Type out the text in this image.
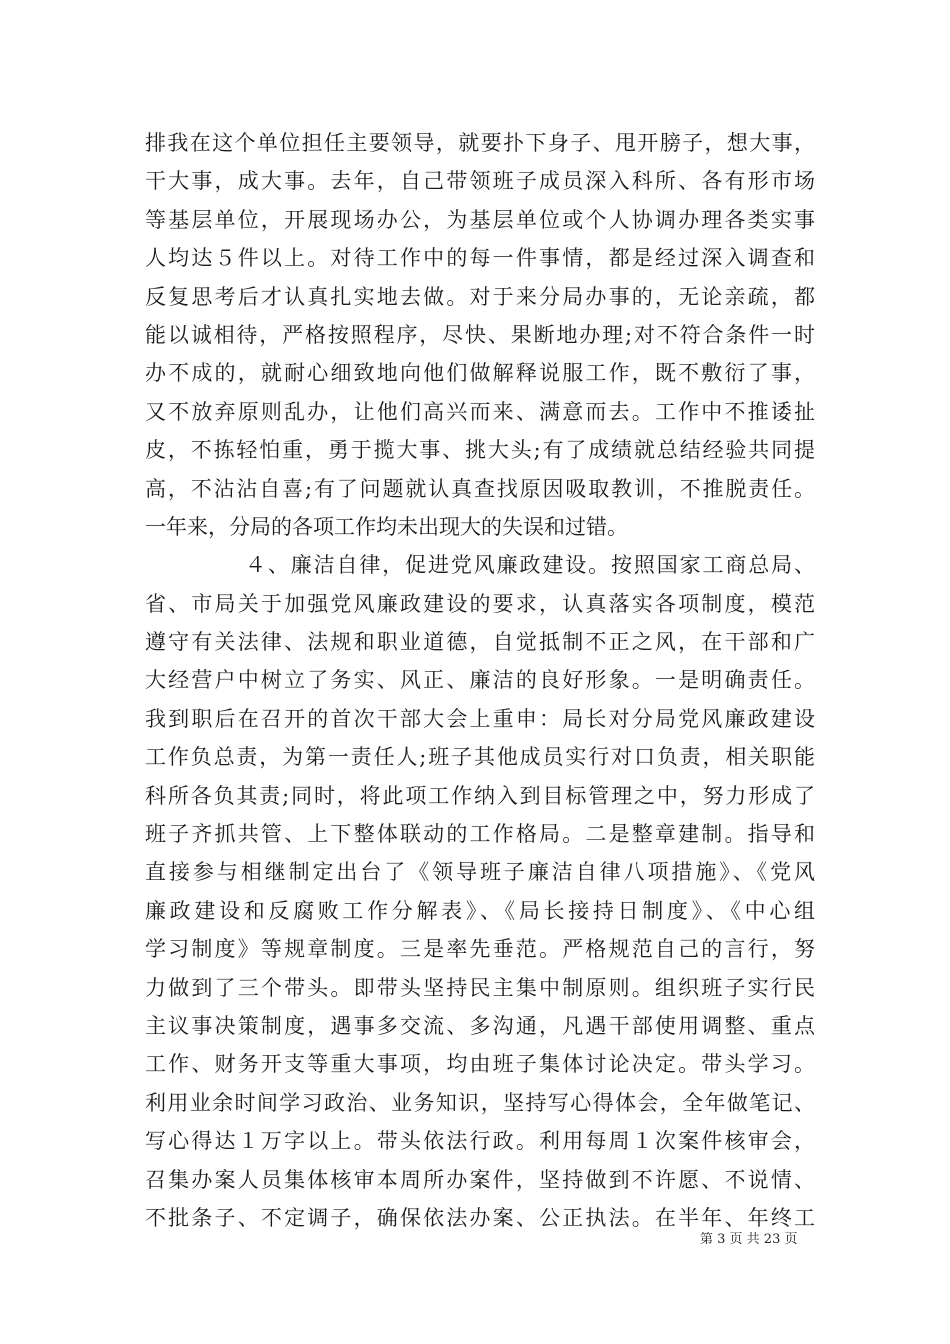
排我在这个单位担任主要领导，就要扑下身子、甩开膀子，想大事，
干大事，成大事。去年，自己带领班子成员深入科所、各有形市场
等基层单位，开展现场办公，为基层单位或个人协调办理各类实事
人均达５件以上。对待工作中的每一件事情，都是经过深入调查和
反复思考后才认真扎实地去做。对于来分局办事的，无论亲疏，都
能以诚相待，严格按照程序，尽快、果断地办理;对不符合条件一时
办不成的，就耐心细致地向他们做解释说服工作，既不敷衍了事，
又不放弃原则乱办，让他们高兴而来、满意而去。工作中不推诿扯
皮，不拣轻怕重，勇于揽大事、挑大头;有了成绩就总结经验共同提
高，不沾沾自喜;有了问题就认真查找原因吸取教训，不推脱责任。
一年来，分局的各项工作均未出现大的失误和过错。
４、廉洁自律，促进党风廉政建设。按照国家工商总局、
省、市局关于加强党风廉政建设的要求，认真落实各项制度，模范
遵守有关法律、法规和职业道德，自觉抵制不正之风，在干部和广
大经营户中树立了务实、风正、廉洁的良好形象。一是明确责任。
我到职后在召开的首次干部大会上重申：局长对分局党风廉政建设
工作负总责，为第一责任人;班子其他成员实行对口负责，相关职能
科所各负其责;同时，将此项工作纳入到目标管理之中，努力形成了
班子齐抓共管、上下整体联动的工作格局。二是整章建制。指导和
直接参与相继制定出台了《领导班子廉洁自律八项措施》、《党风
廉政建设和反腐败工作分解表》、《局长接持日制度》、《中心组
学习制度》等规章制度。三是率先垂范。严格规范自己的言行，努
力做到了三个带头。即带头坚持民主集中制原则。组织班子实行民
主议事决策制度，遇事多交流、多沟通，凡遇干部使用调整、重点
工作、财务开支等重大事项，均由班子集体讨论决定。带头学习。
利用业余时间学习政治、业务知识，坚持写心得体会，全年做笔记、
写心得达１万字以上。带头依法行政。利用每周１次案件核审会，
召集办案人员集体核审本周所办案件，坚持做到不许愿、不说情、
不批条子、不定调子，确保依法办案、公正执法。在半年、年终工
第 3 页 共 23 页
